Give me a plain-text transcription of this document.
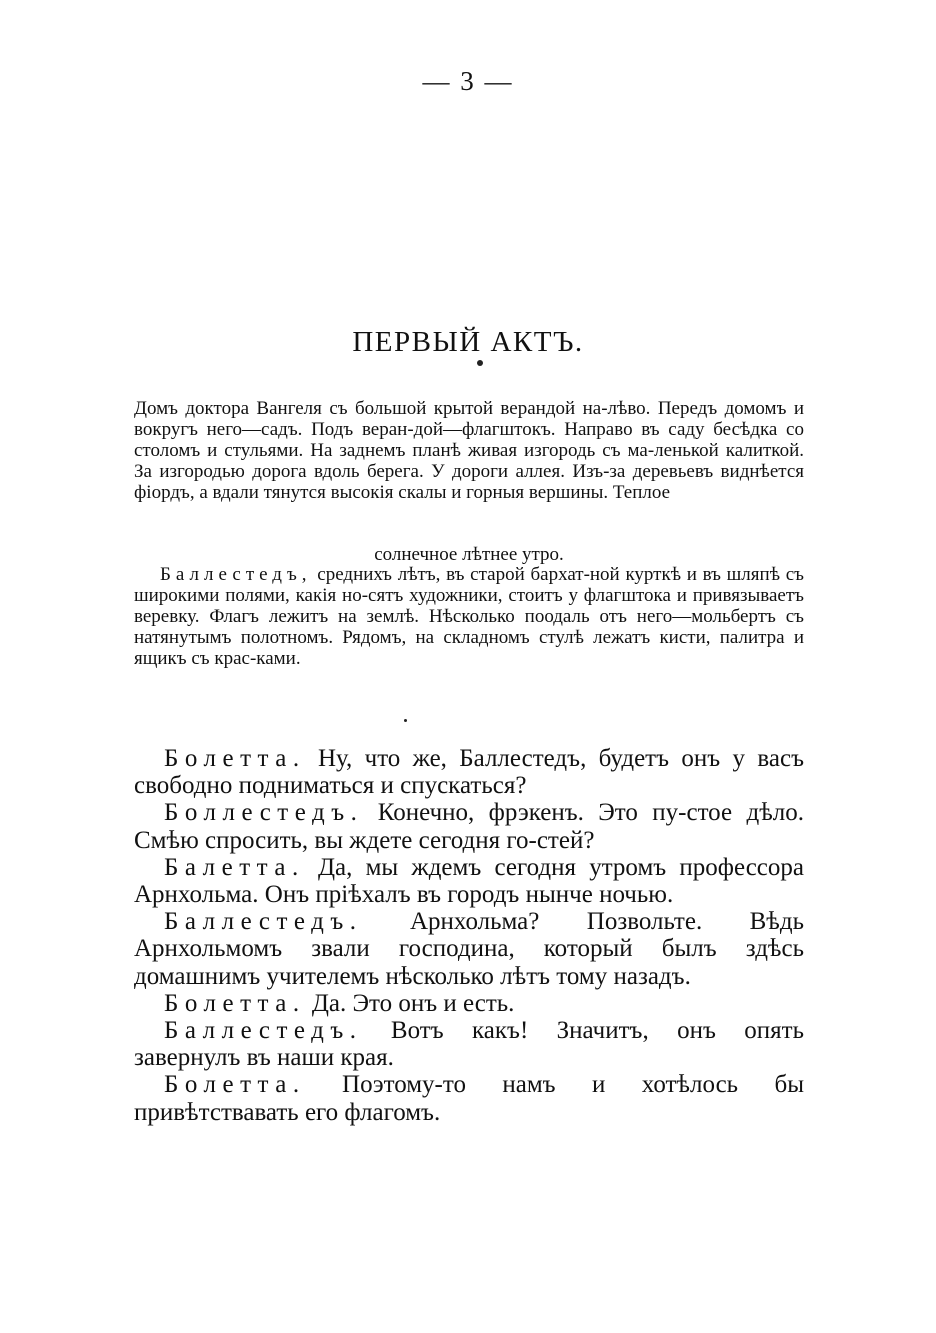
— 3 —
ПЕРВЫЙ АКТЪ.
Домъ доктора Вангеля съ большой крытой верандой на-лѣво. Передъ домомъ и вокругъ него—садъ. Подъ веран-дой—флагштокъ. Направо въ саду бесѣдка со столомъ и стульями. На заднемъ планѣ живая изгородь съ ма-ленькой калиткой. За изгородью дорога вдоль берега. У дороги аллея. Изъ-за деревьевъ виднѣется фіордъ, а вдали тянутся высокія скалы и горныя вершины. Теплое
солнечное лѣтнее утро.
Баллестедъ, среднихъ лѣтъ, въ старой бархат-ной курткѣ и въ шляпѣ съ широкими полями, какія но-сятъ художники, стоитъ у флагштока и привязываетъ веревку. Флагъ лежитъ на землѣ. Нѣсколько поодаль отъ него—мольбертъ съ натянутымъ полотномъ. Рядомъ, на складномъ стулѣ лежатъ кисти, палитра и ящикъ съ крас-ками.

Болетта. Ну, что же, Баллестедъ, будетъ онъ у васъ свободно подниматься и спускаться?

Боллестедъ. Конечно, фрэкенъ. Это пу-стое дѣло. Смѣю спросить, вы ждете сегодня го-стей?

Балетта. Да, мы ждемъ сегодня утромъ профессора Арнхольма. Онъ пріѣхалъ въ городъ нынче ночью.

Баллестедъ. Арнхольма? Позвольте. Вѣдь Арнхольмомъ звали господина, который былъ здѣсь домашнимъ учителемъ нѣсколько лѣтъ тому назадъ.

Болетта. Да. Это онъ и есть.

Баллестедъ. Вотъ какъ! Значитъ, онъ опять завернулъ въ наши края.

Болетта. Поэтому-то намъ и хотѣлось бы привѣтствавать его флагомъ.
